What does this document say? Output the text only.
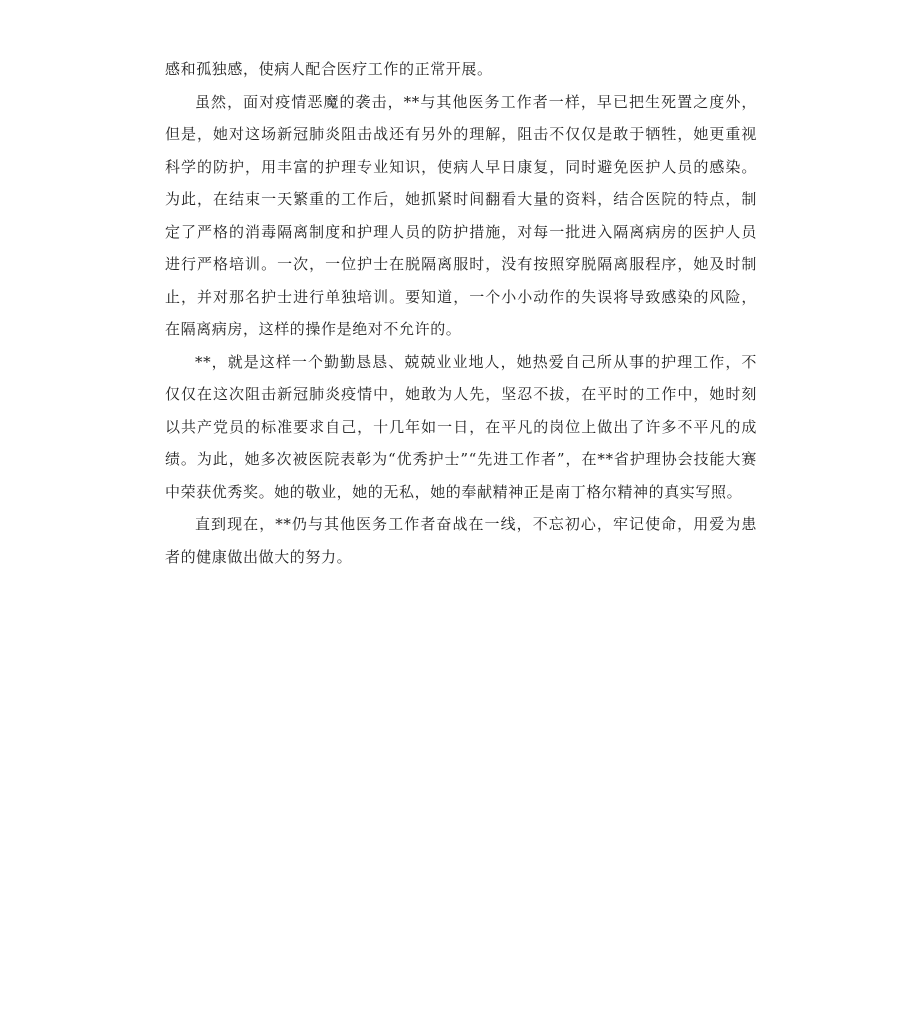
感和孤独感，使病人配合医疗工作的正常开展。

虽然，面对疫情恶魔的袭击，**与其他医务工作者一样，早已把生死置之度外，但是，她对这场新冠肺炎阻击战还有另外的理解，阻击不仅仅是敢于牺牲，她更重视科学的防护，用丰富的护理专业知识，使病人早日康复，同时避免医护人员的感染。为此，在结束一天繁重的工作后，她抓紧时间翻看大量的资料，结合医院的特点，制定了严格的消毒隔离制度和护理人员的防护措施，对每一批进入隔离病房的医护人员进行严格培训。一次，一位护士在脱隔离服时，没有按照穿脱隔离服程序，她及时制止，并对那名护士进行单独培训。要知道，一个小小动作的失误将导致感染的风险，在隔离病房，这样的操作是绝对不允许的。

**，就是这样一个勤勤恳恳、兢兢业业地人，她热爱自己所从事的护理工作，不仅仅在这次阻击新冠肺炎疫情中，她敢为人先，坚忍不拔，在平时的工作中，她时刻以共产党员的标准要求自己，十几年如一日，在平凡的岗位上做出了许多不平凡的成绩。为此，她多次被医院表彰为“优秀护士”“先进工作者”，在**省护理协会技能大赛中荣获优秀奖。她的敬业，她的无私，她的奉献精神正是南丁格尔精神的真实写照。

直到现在，**仍与其他医务工作者奋战在一线，不忘初心，牢记使命，用爱为患者的健康做出做大的努力。
